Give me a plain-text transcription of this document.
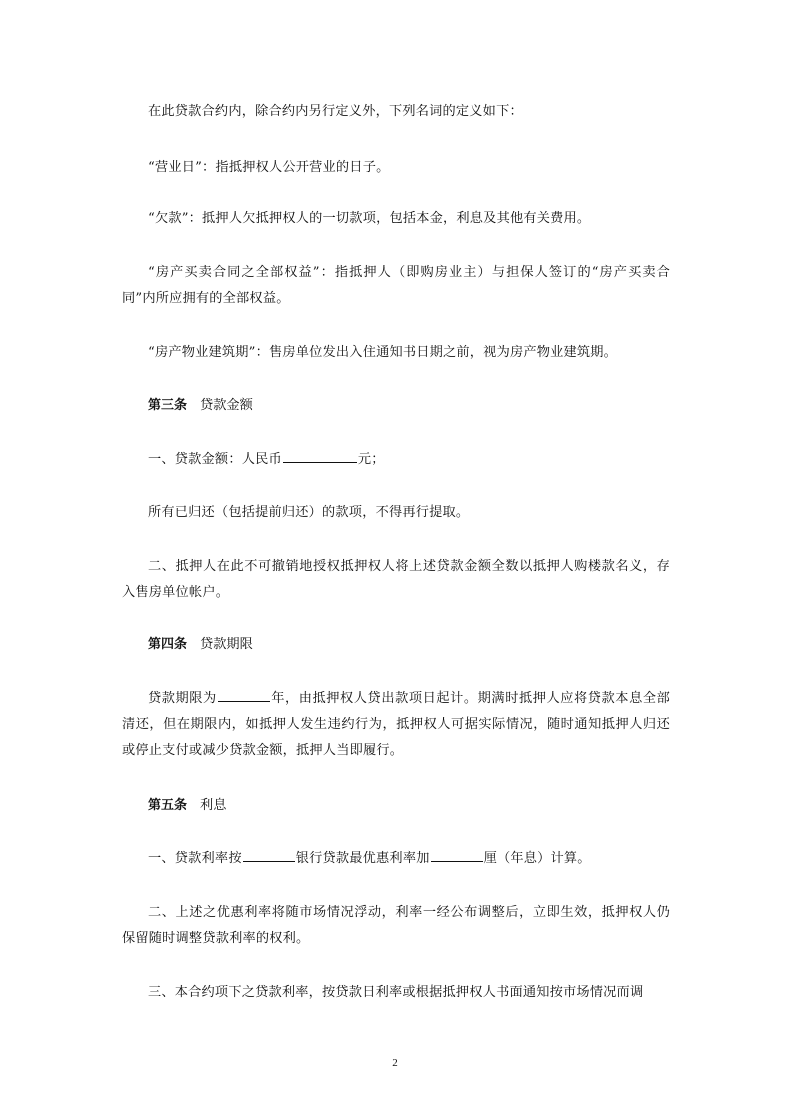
在此贷款合约内，除合约内另行定义外，下列名词的定义如下：

“营业日”：指抵押权人公开营业的日子。

“欠款”：抵押人欠抵押权人的一切款项，包括本金，利息及其他有关费用。

“房产买卖合同之全部权益”：指抵押人（即购房业主）与担保人签订的“房产买卖合同”内所应拥有的全部权益。

“房产物业建筑期”：售房单位发出入住通知书日期之前，视为房产物业建筑期。

第三条 贷款金额

一、贷款金额：人民币	元；

所有已归还（包括提前归还）的款项，不得再行提取。

二、抵押人在此不可撤销地授权抵押权人将上述贷款金额全数以抵押人购楼款名义，存入售房单位帐户。

第四条 贷款期限

贷款期限为	年，由抵押权人贷出款项日起计。期满时抵押人应将贷款本息全部清还，但在期限内，如抵押人发生违约行为，抵押权人可据实际情况，随时通知抵押人归还或停止支付或减少贷款金额，抵押人当即履行。

第五条 利息

一、贷款利率按	银行贷款最优惠利率加	厘（年息）计算。

二、上述之优惠利率将随市场情况浮动，利率一经公布调整后，立即生效，抵押权人仍保留随时调整贷款利率的权利。

三、本合约项下之贷款利率，按贷款日利率或根据抵押权人书面通知按市场情况而调

2
